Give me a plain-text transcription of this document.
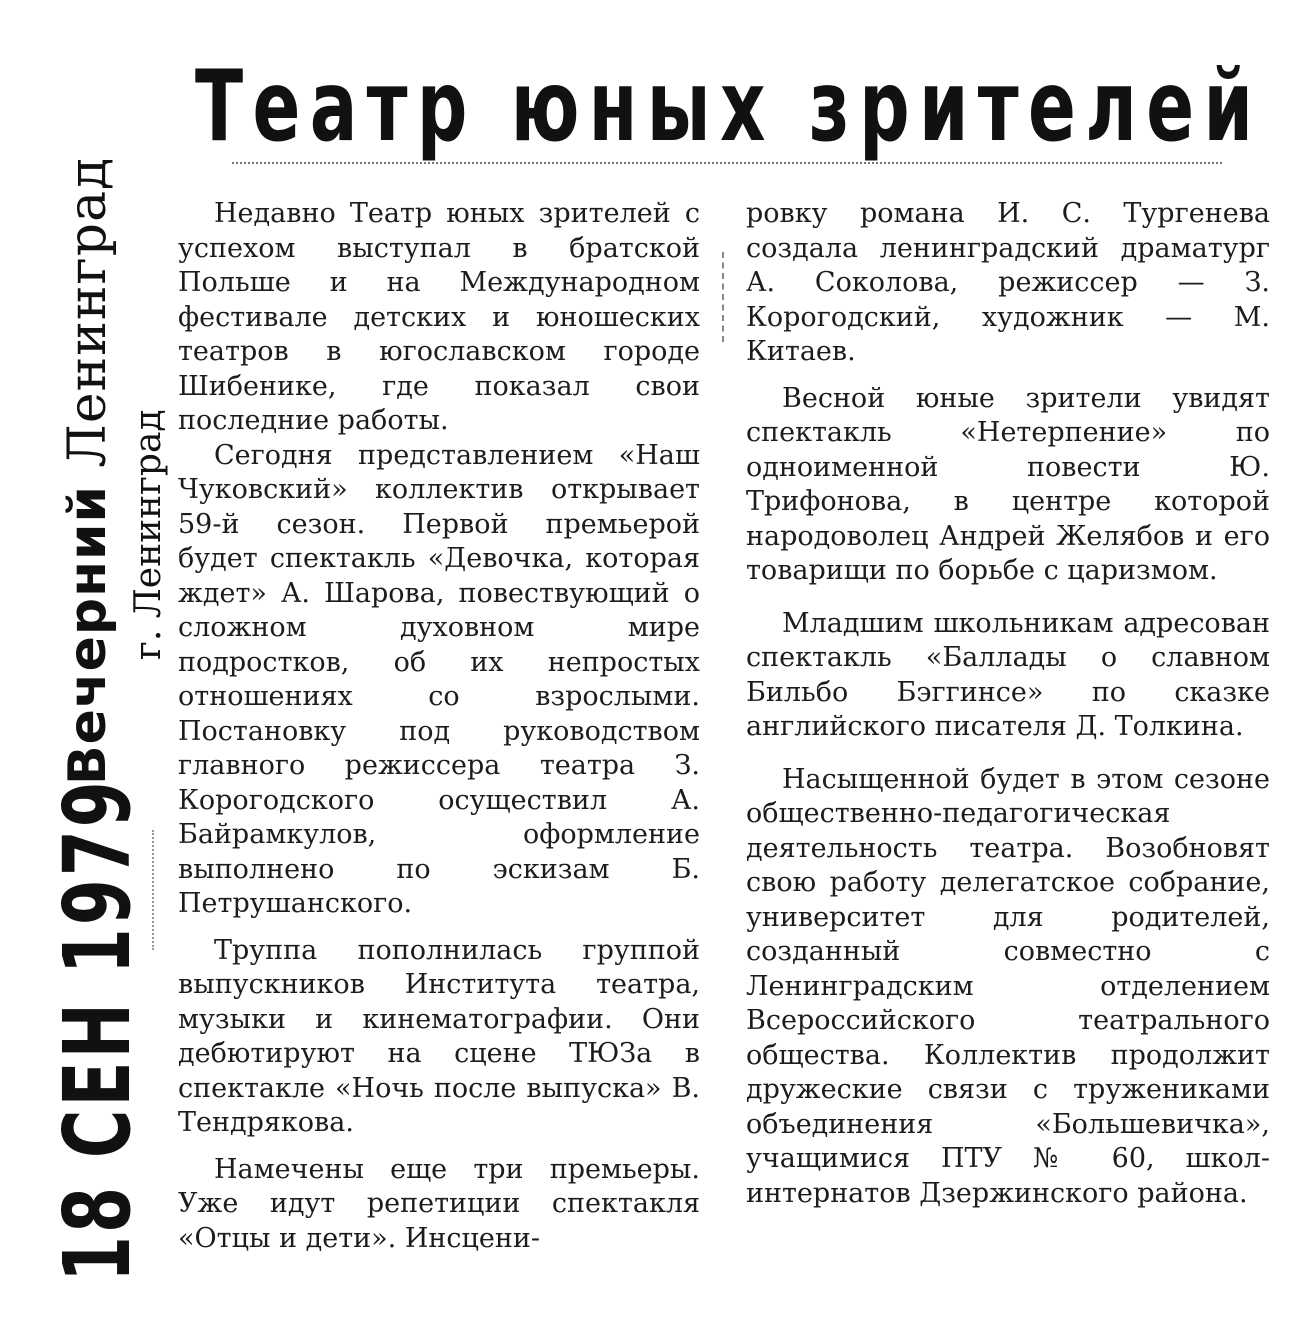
Театр юных зрителей
Вечерний Ленинград
г. Ленинград
18 СЕН 1979

Недавно Театр юных зрителей с успехом выступал в братской Польше и на Международном фестивале детских и юношеских театров в югославском городе Шибенике, где показал свои последние работы.

Сегодня представлением «Наш Чуковский» коллектив открывает 59-й сезон. Первой премьерой будет спектакль «Девочка, которая ждет» А. Шарова, повествующий о сложном духовном мире подростков, об их непростых отношениях со взрослыми. Постановку под руководством главного режиссера театра З. Корогодского осуществил А. Байрамкулов, оформление выполнено по эскизам Б. Петрушанского.

Труппа пополнилась группой выпускников Института театра, музыки и кинематографии. Они дебютируют на сцене ТЮЗа в спектакле «Ночь после выпуска» В. Тендрякова.

Намечены еще три премьеры. Уже идут репетиции спектакля «Отцы и дети». Инсцени-

ровку романа И. С. Тургенева создала ленинградский драматург А. Соколова, режиссер — З. Корогодский, художник — М. Китаев.

Весной юные зрители увидят спектакль «Нетерпение» по одноименной повести Ю. Трифонова, в центре которой народоволец Андрей Желябов и его товарищи по борьбе с царизмом.

Младшим школьникам адресован спектакль «Баллады о славном Бильбо Бэггинсе» по сказке английского писателя Д. Толкина.

Насыщенной будет в этом сезоне общественно-педагогическая деятельность театра. Возобновят свою работу делегатское собрание, университет для родителей, созданный совместно с Ленинградским отделением Всероссийского театрального общества. Коллектив продолжит дружеские связи с тружениками объединения «Большевичка», учащимися ПТУ № 60, школ-интернатов Дзержинского района.
